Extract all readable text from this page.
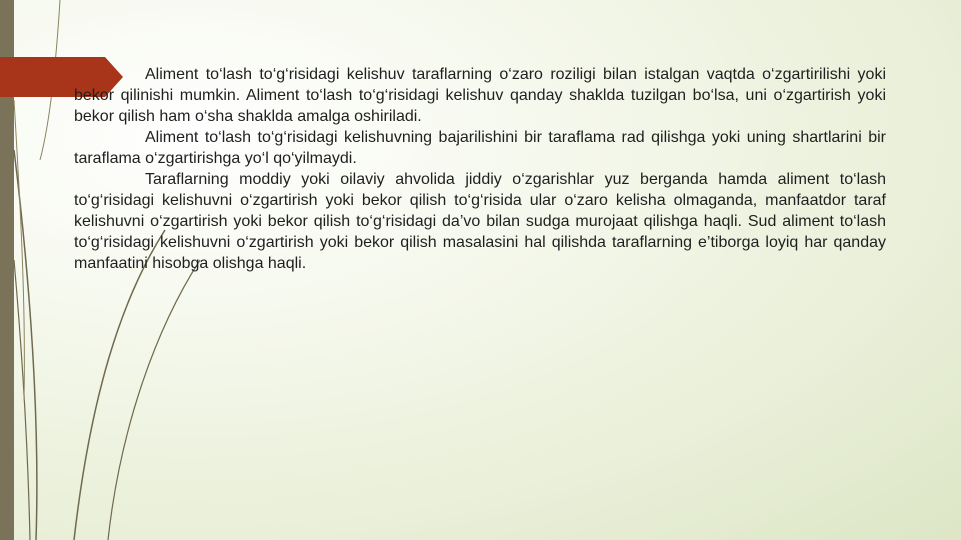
Aliment to‘lash to‘g‘risidagi kelishuv taraflarning o‘zaro roziligi bilan istalgan vaqtda o‘zgartirilishi yoki bekor qilinishi mumkin. Aliment to‘lash to‘g‘risidagi kelishuv qanday shaklda tuzilgan bo‘lsa, uni o‘zgartirish yoki bekor qilish ham o‘sha shaklda amalga oshiriladi.

Aliment to‘lash to‘g‘risidagi kelishuvning bajarilishini bir taraflama rad qilishga yoki uning shartlarini bir taraflama o‘zgartirishga yo‘l qo‘yilmaydi.

Taraflarning moddiy yoki oilaviy ahvolida jiddiy o‘zgarishlar yuz berganda hamda aliment to‘lash to‘g‘risidagi kelishuvni o‘zgartirish yoki bekor qilish to‘g‘risida ular o‘zaro kelisha olmaganda, manfaatdor taraf kelishuvni o‘zgartirish yoki bekor qilish to‘g‘risidagi da’vo bilan sudga murojaat qilishga haqli. Sud aliment to‘lash to‘g‘risidagi kelishuvni o‘zgartirish yoki bekor qilish masalasini hal qilishda taraflarning e’tiborga loyiq har qanday manfaatini hisobga olishga haqli.
